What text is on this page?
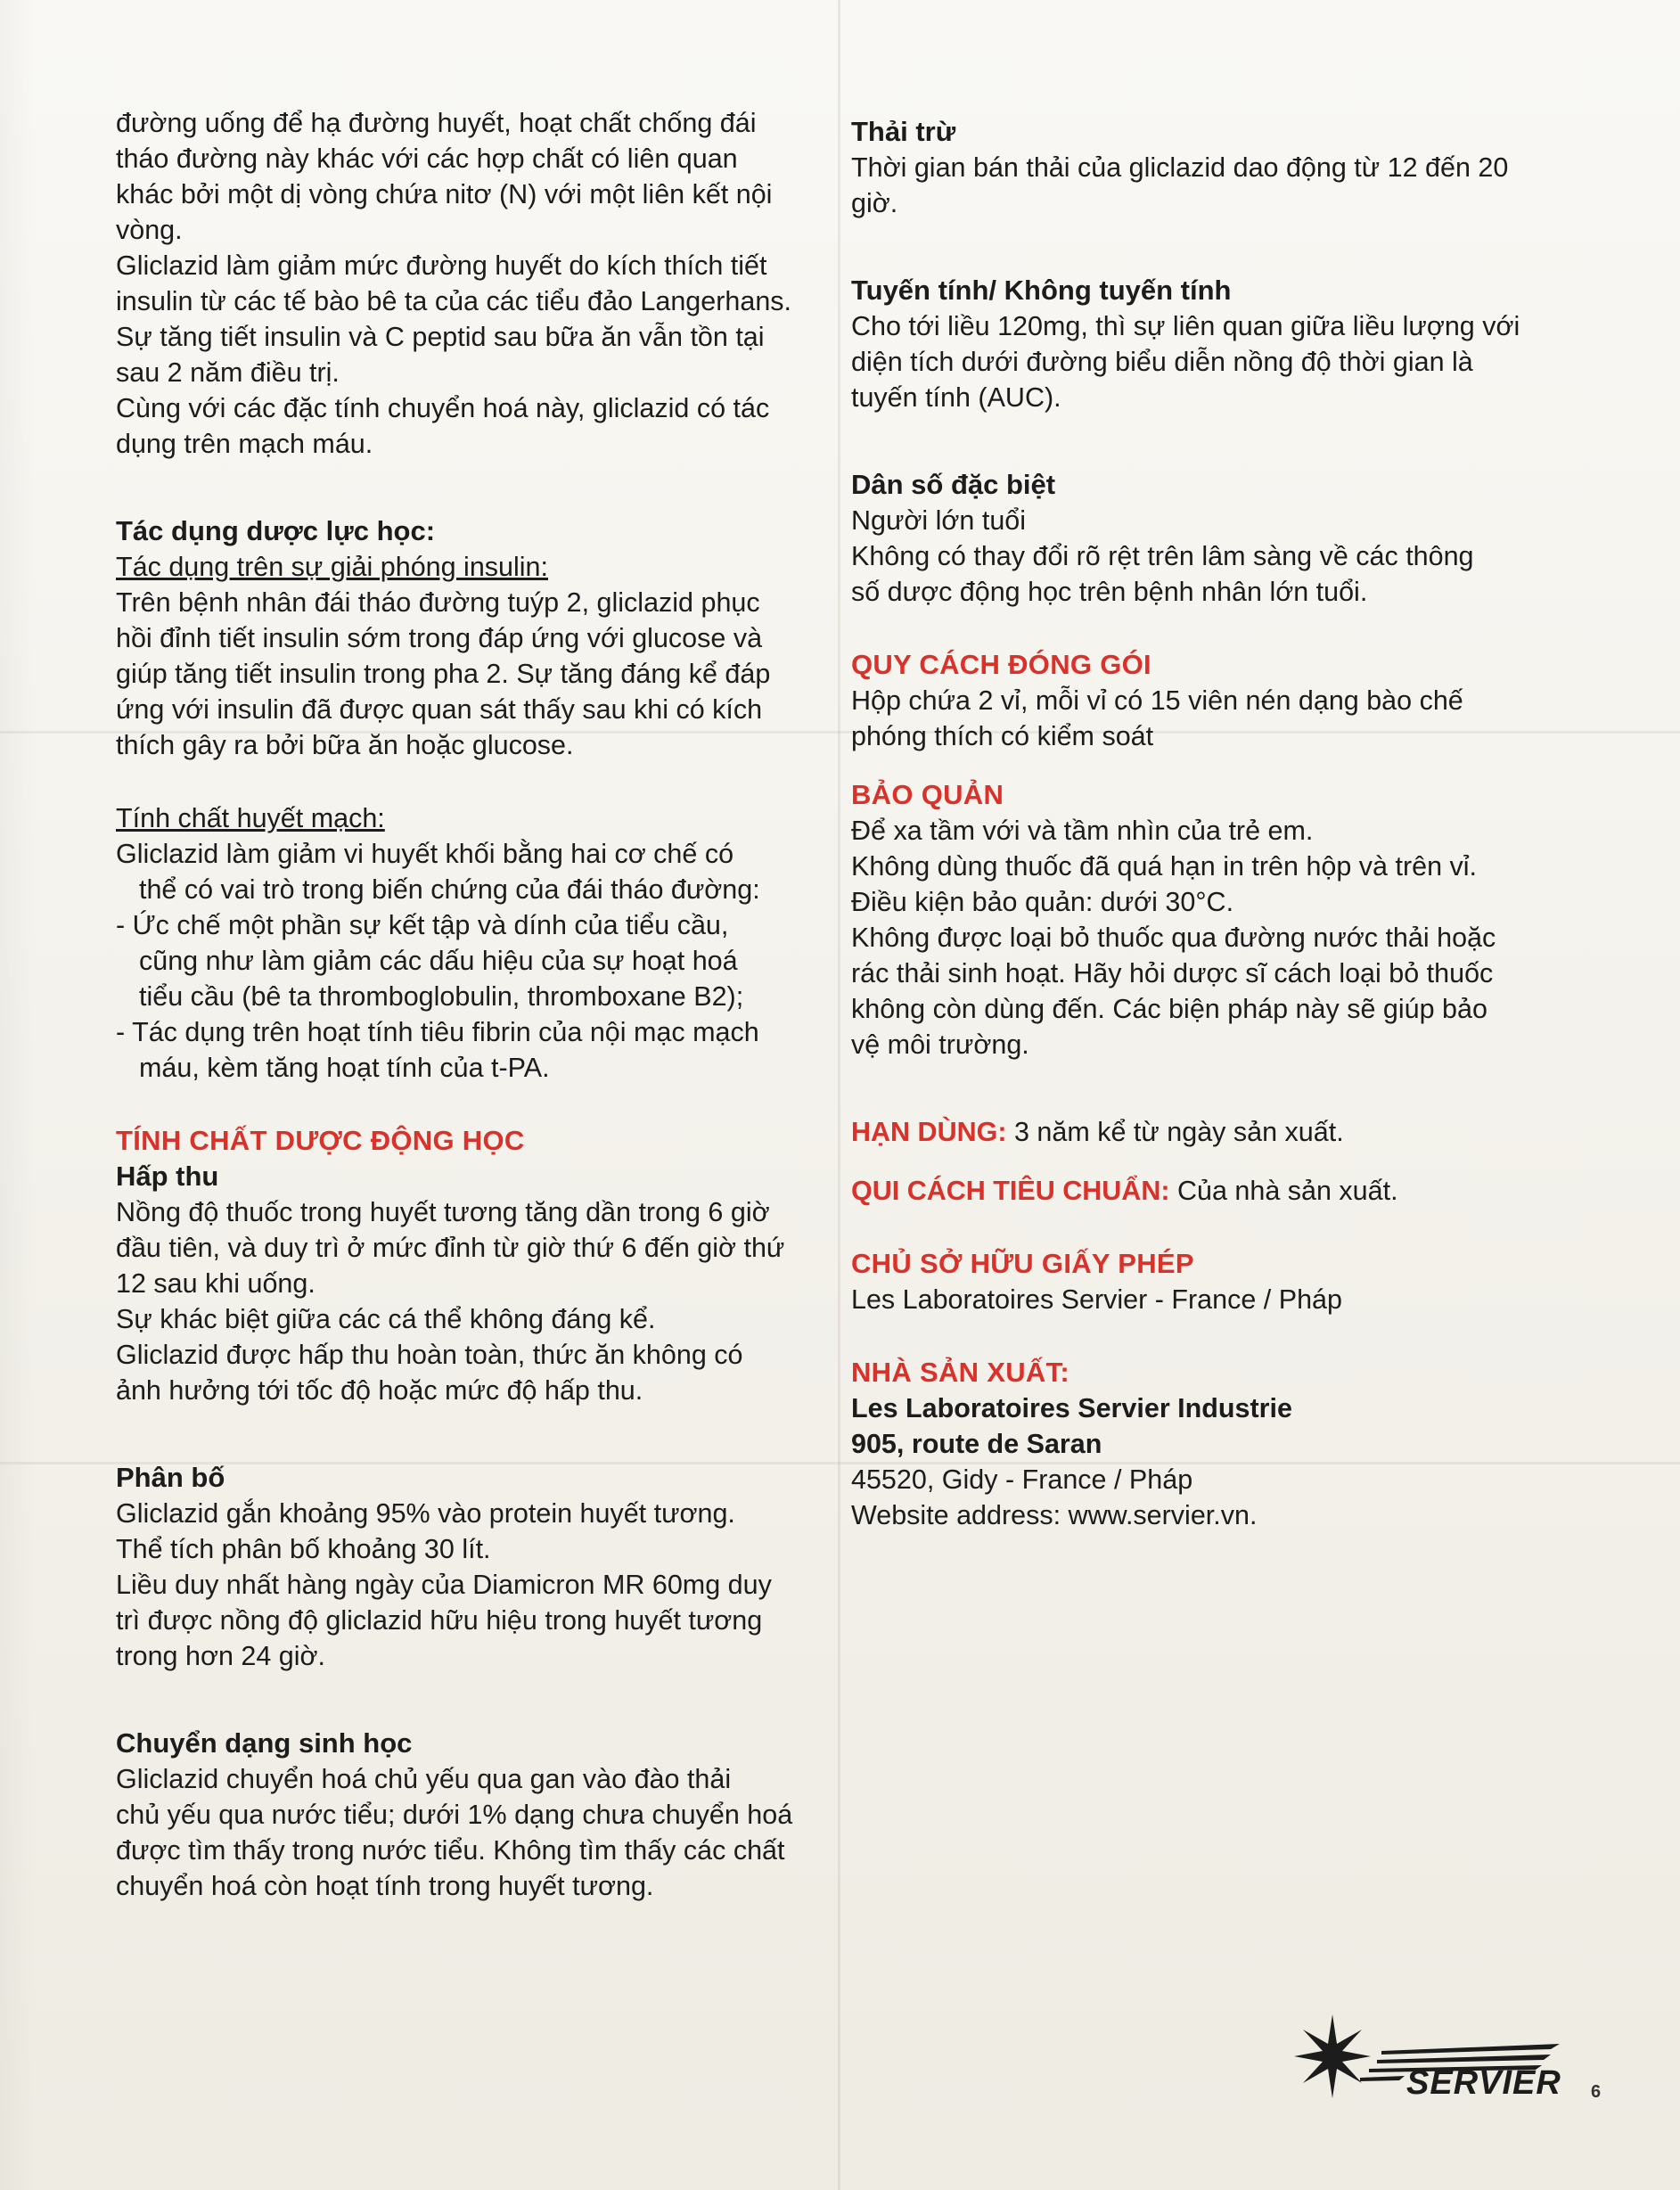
đường uống để hạ đường huyết, hoạt chất chống đái

tháo đường này khác với các hợp chất có liên quan

khác bởi một dị vòng chứa nitơ (N) với một liên kết nội

vòng.

Gliclazid làm giảm mức đường huyết do kích thích tiết

insulin từ các tế bào bê ta của các tiểu đảo Langerhans.

Sự tăng tiết insulin và C peptid sau bữa ăn vẫn tồn tại

sau 2 năm điều trị.

Cùng với các đặc tính chuyển hoá này, gliclazid có tác

dụng trên mạch máu.

Tác dụng dược lực học:

Tác dụng trên sự giải phóng insulin:

Trên bệnh nhân đái tháo đường tuýp 2, gliclazid phục

hồi đỉnh tiết insulin sớm trong đáp ứng với glucose và

giúp tăng tiết insulin trong pha 2. Sự tăng đáng kể đáp

ứng với insulin đã được quan sát thấy sau khi có kích

thích gây ra bởi bữa ăn hoặc glucose.

Tính chất huyết mạch:

Gliclazid làm giảm vi huyết khối bằng hai cơ chế có

thể có vai trò trong biến chứng của đái tháo đường:

- Ức chế một phần sự kết tập và dính của tiểu cầu,

cũng như làm giảm các dấu hiệu của sự hoạt hoá

tiểu cầu (bê ta thromboglobulin, thromboxane B2);

- Tác dụng trên hoạt tính tiêu fibrin của nội mạc mạch

máu, kèm tăng hoạt tính của t-PA.

TÍNH CHẤT DƯỢC ĐỘNG HỌC

Hấp thu

Nồng độ thuốc trong huyết tương tăng dần trong 6 giờ

đầu tiên, và duy trì ở mức đỉnh từ giờ thứ 6 đến giờ thứ

12 sau khi uống.

Sự khác biệt giữa các cá thể không đáng kể.

Gliclazid được hấp thu hoàn toàn, thức ăn không có

ảnh hưởng tới tốc độ hoặc mức độ hấp thu.

Phân bố

Gliclazid gắn khoảng 95% vào protein huyết tương.

Thể tích phân bố khoảng 30 lít.

Liều duy nhất hàng ngày của Diamicron MR 60mg duy

trì được nồng độ gliclazid hữu hiệu trong huyết tương

trong hơn 24 giờ.

Chuyển dạng sinh học

Gliclazid chuyển hoá chủ yếu qua gan vào đào thải

chủ yếu qua nước tiểu; dưới 1% dạng chưa chuyển hoá

được tìm thấy trong nước tiểu. Không tìm thấy các chất

chuyển hoá còn hoạt tính trong huyết tương.

Thải trừ

Thời gian bán thải của gliclazid dao động từ 12 đến 20

giờ.

Tuyến tính/ Không tuyến tính

Cho tới liều 120mg, thì sự liên quan giữa liều lượng với

diện tích dưới đường biểu diễn nồng độ thời gian là

tuyến tính (AUC).

Dân số đặc biệt

Người lớn tuổi

Không có thay đổi rõ rệt trên lâm sàng về các thông

số dược động học trên bệnh nhân lớn tuổi.

QUY CÁCH ĐÓNG GÓI

Hộp chứa 2 vỉ, mỗi vỉ có 15 viên nén dạng bào chế

phóng thích có kiểm soát

BẢO QUẢN

Để xa tầm với và tầm nhìn của trẻ em.

Không dùng thuốc đã quá hạn in trên hộp và trên vỉ.

Điều kiện bảo quản: dưới 30°C.

Không được loại bỏ thuốc qua đường nước thải hoặc

rác thải sinh hoạt. Hãy hỏi dược sĩ cách loại bỏ thuốc

không còn dùng đến. Các biện pháp này sẽ giúp bảo

vệ môi trường.

HẠN DÙNG: 3 năm kể từ ngày sản xuất.

QUI CÁCH TIÊU CHUẨN: Của nhà sản xuất.

CHỦ SỞ HỮU GIẤY PHÉP

Les Laboratoires Servier - France / Pháp

NHÀ SẢN XUẤT:

Les Laboratoires Servier Industrie

905, route de Saran

45520, Gidy - France / Pháp

Website address: www.servier.vn.

SERVIER 6
